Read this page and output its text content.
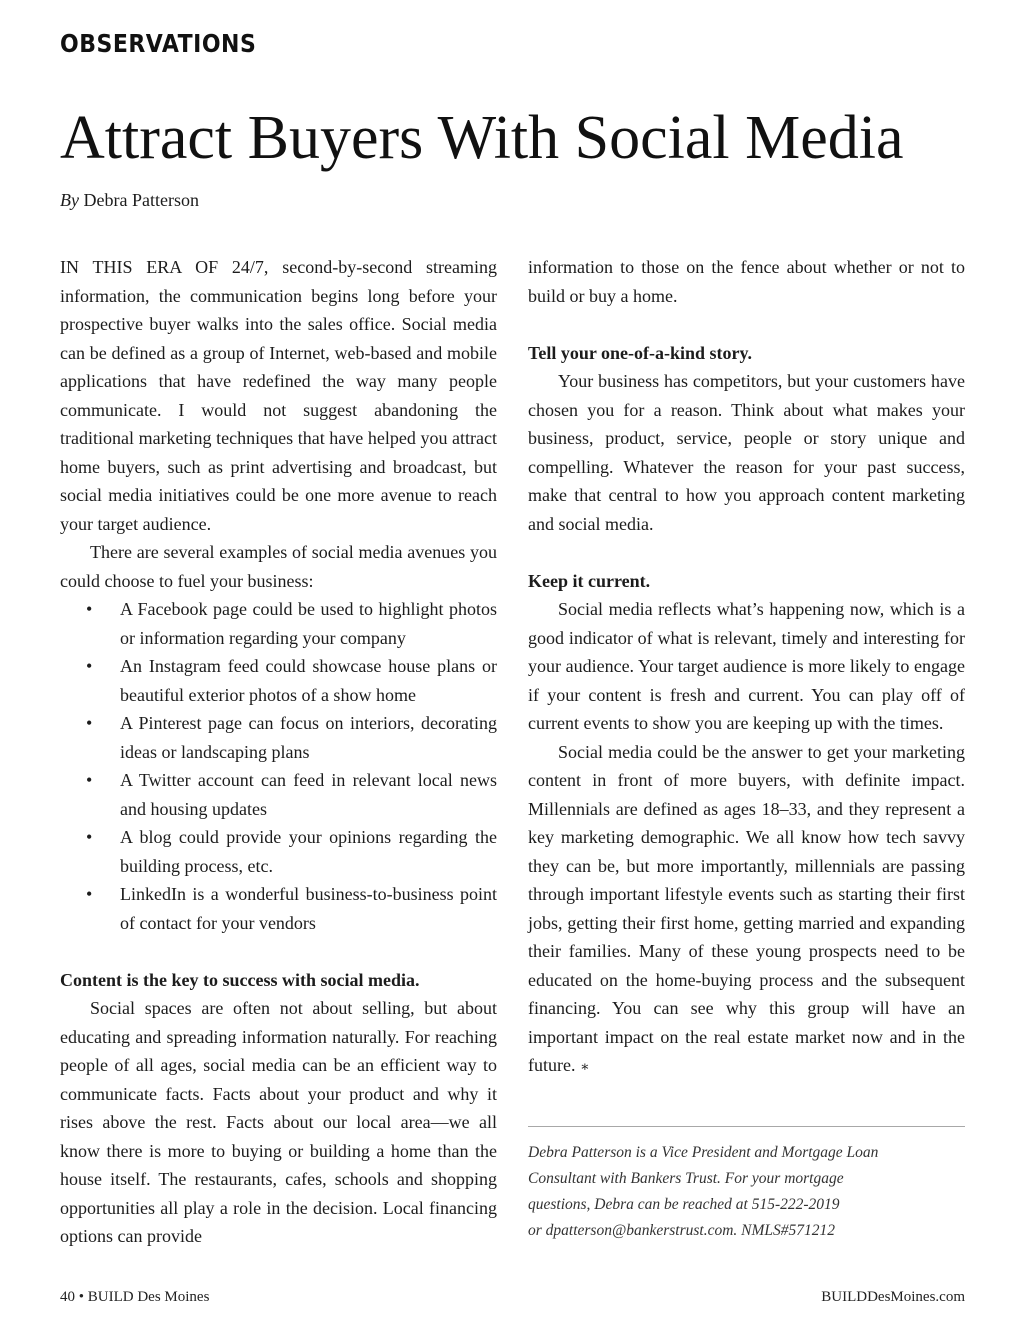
OBSERVATIONS
Attract Buyers With Social Media
By Debra Patterson

IN THIS ERA OF 24/7, second-by-second streaming information, the communication begins long before your prospective buyer walks into the sales office. Social media can be defined as a group of Internet, web-based and mobile applications that have redefined the way many people communicate. I would not suggest abandoning the traditional marketing techniques that have helped you attract home buyers, such as print advertising and broadcast, but social media initiatives could be one more avenue to reach your target audience.

There are several examples of social media avenues you could choose to fuel your business:

• A Facebook page could be used to highlight photos or information regarding your company
• An Instagram feed could showcase house plans or beautiful exterior photos of a show home
• A Pinterest page can focus on interiors, decorating ideas or landscaping plans
• A Twitter account can feed in relevant local news and housing updates
• A blog could provide your opinions regarding the building process, etc.
• LinkedIn is a wonderful business-to-business point of contact for your vendors
Content is the key to success with social media.

Social spaces are often not about selling, but about educating and spreading information naturally. For reaching people of all ages, social media can be an efficient way to communicate facts. Facts about your product and why it rises above the rest. Facts about our local area—we all know there is more to buying or building a home than the house itself. The restaurants, cafes, schools and shopping opportunities all play a role in the decision. Local financing options can provide

information to those on the fence about whether or not to build or buy a home.

Tell your one-of-a-kind story.

Your business has competitors, but your customers have chosen you for a reason. Think about what makes your business, product, service, people or story unique and compelling. Whatever the reason for your past success, make that central to how you approach content marketing and social media.

Keep it current.

Social media reflects what’s happening now, which is a good indicator of what is relevant, timely and interesting for your audience. Your target audience is more likely to engage if your content is fresh and current. You can play off of current events to show you are keeping up with the times.

Social media could be the answer to get your marketing content in front of more buyers, with definite impact. Millennials are defined as ages 18–33, and they represent a key marketing demographic. We all know how tech savvy they can be, but more importantly, millennials are passing through important lifestyle events such as starting their first jobs, getting their first home, getting married and expanding their families. Many of these young prospects need to be educated on the home-buying process and the subsequent financing. You can see why this group will have an important impact on the real estate market now and in the future. ∗

Debra Patterson is a Vice President and Mortgage Loan
Consultant with Bankers Trust. For your mortgage
questions, Debra can be reached at 515-222-2019
or dpatterson@bankerstrust.com. NMLS#571212
40 • BUILD Des Moines	BUILDDesMoines.com
